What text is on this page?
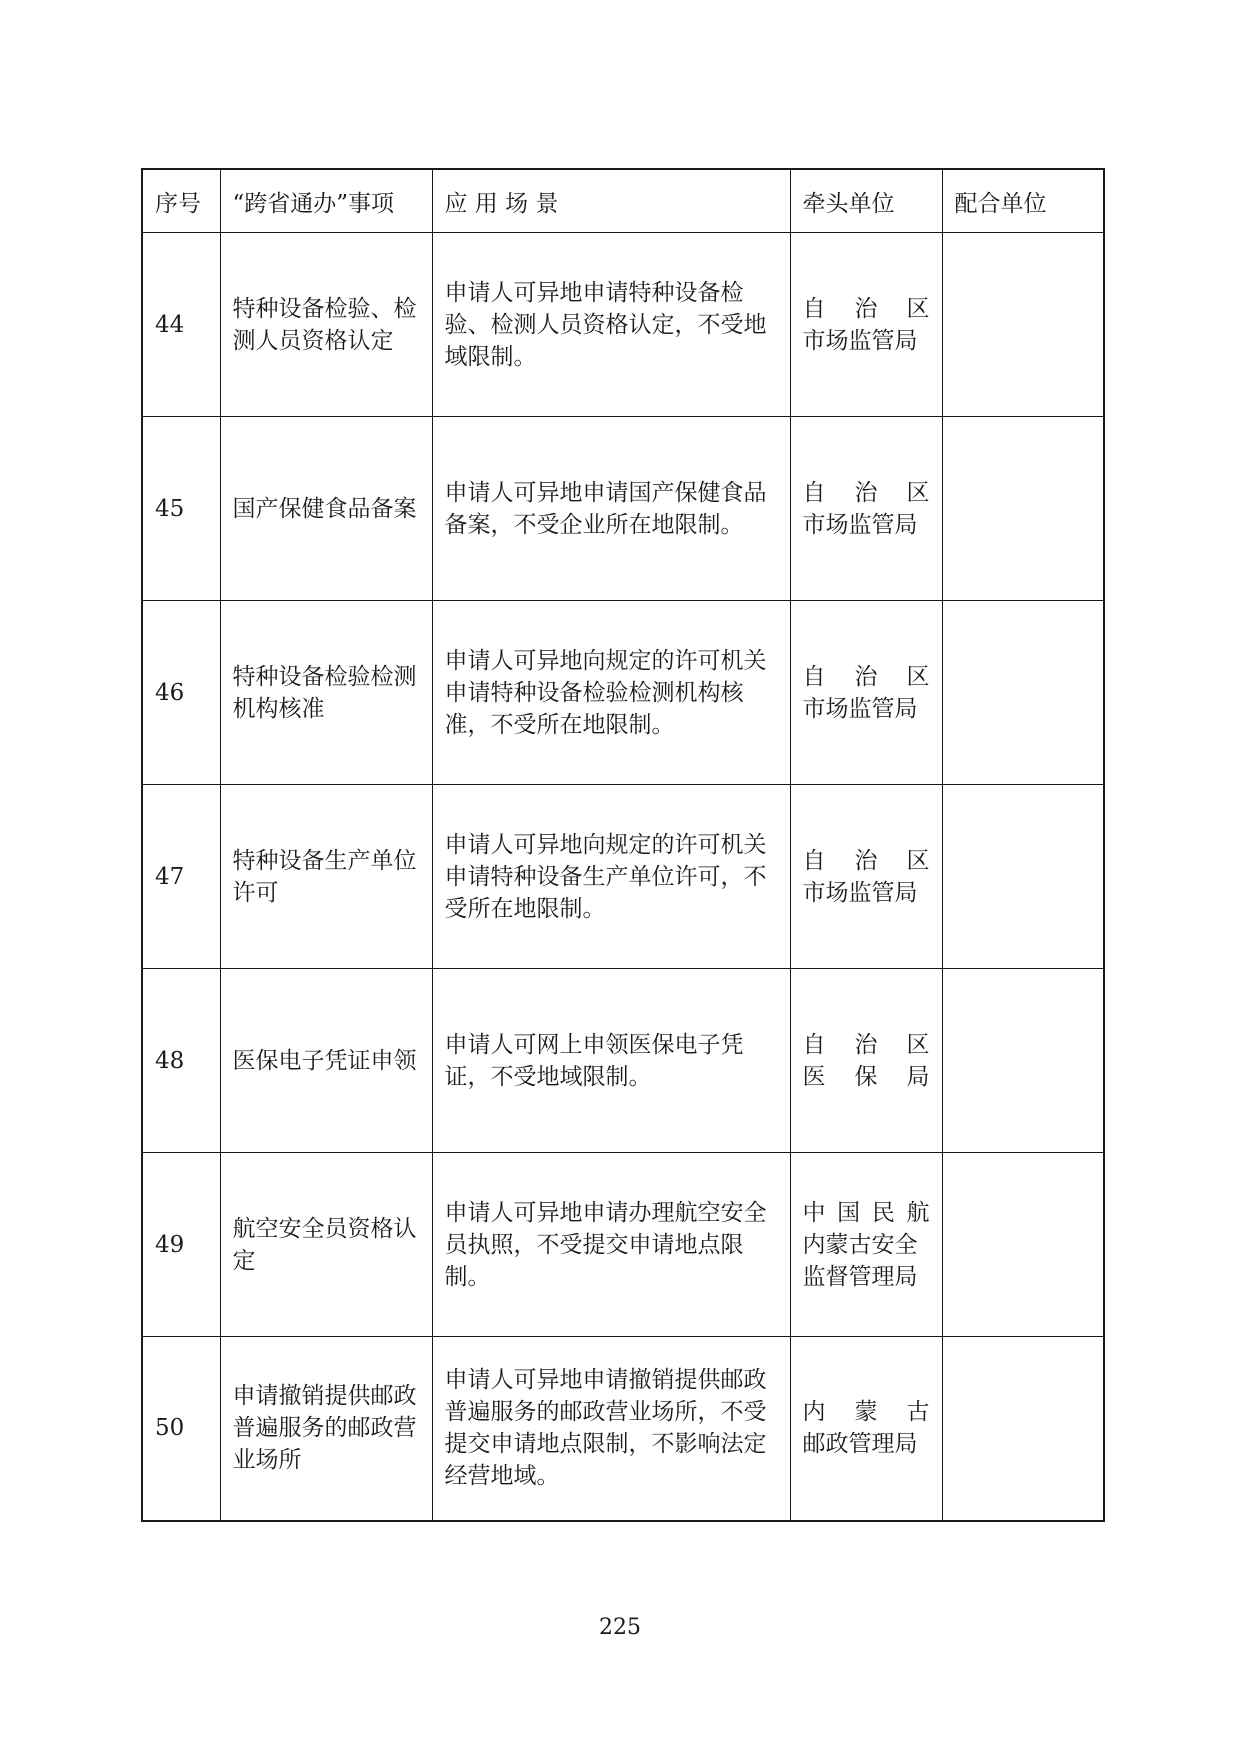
序号	“跨省通办”事项	应 用 场 景	牵头单位	配合单位
44	特种设备检验、检测人员资格认定	申请人可异地申请特种设备检验、检测人员资格认定，不受地域限制。	自 治 区
市场监管局	

45	国产保健食品备案	申请人可异地申请国产保健食品备案，不受企业所在地限制。	自 治 区
市场监管局	

46	特种设备检验检测机构核准	申请人可异地向规定的许可机关申请特种设备检验检测机构核准，不受所在地限制。	自 治 区
市场监管局	

47	特种设备生产单位许可	申请人可异地向规定的许可机关申请特种设备生产单位许可，不受所在地限制。	自 治 区
市场监管局	

48	医保电子凭证申领	申请人可网上申领医保电子凭证，不受地域限制。	自 治 区
医 保 局	

49	航空安全员资格认定	申请人可异地申请办理航空安全员执照，不受提交申请地点限制。	中国民航
内蒙古安全
监督管理局	

50	申请撤销提供邮政普遍服务的邮政营业场所	申请人可异地申请撤销提供邮政普遍服务的邮政营业场所，不受提交申请地点限制，不影响法定经营地域。	内 蒙 古
邮政管理局	

225
